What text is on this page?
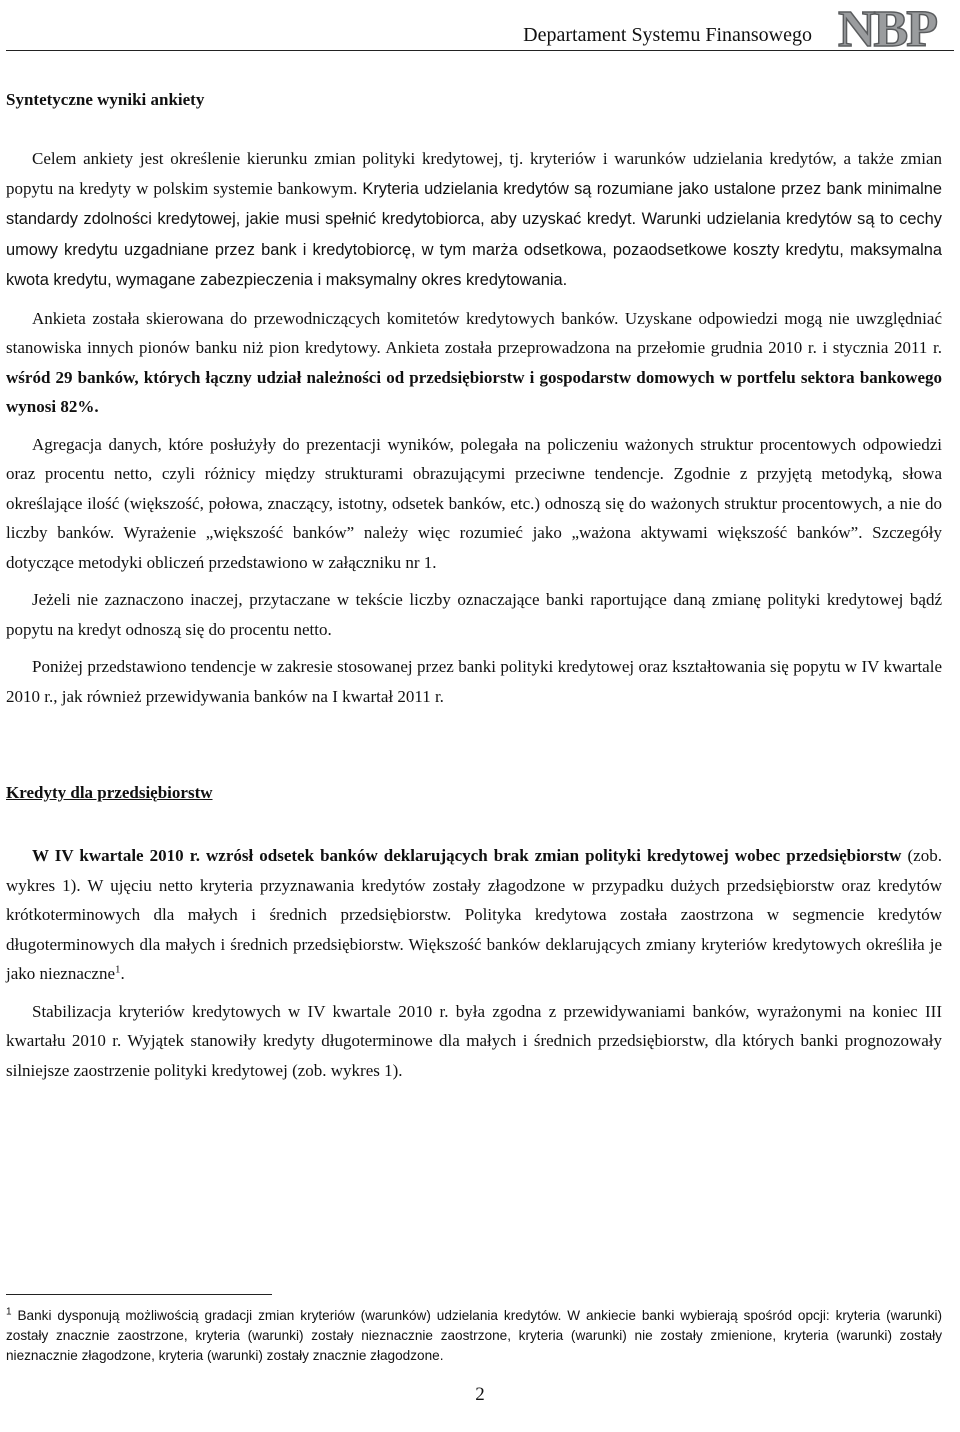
Departament Systemu Finansowego NBP
Syntetyczne wyniki ankiety

Celem ankiety jest określenie kierunku zmian polityki kredytowej, tj. kryteriów i warunków udzielania kredytów, a także zmian popytu na kredyty w polskim systemie bankowym. Kryteria udzielania kredytów są rozumiane jako ustalone przez bank minimalne standardy zdolności kredytowej, jakie musi spełnić kredytobiorca, aby uzyskać kredyt. Warunki udzielania kredytów są to cechy umowy kredytu uzgadniane przez bank i kredytobiorcę, w tym marża odsetkowa, pozaodsetkowe koszty kredytu, maksymalna kwota kredytu, wymagane zabezpieczenia i maksymalny okres kredytowania.

Ankieta została skierowana do przewodniczących komitetów kredytowych banków. Uzyskane odpowiedzi mogą nie uwzględniać stanowiska innych pionów banku niż pion kredytowy. Ankieta została przeprowadzona na przełomie grudnia 2010 r. i stycznia 2011 r. wśród 29 banków, których łączny udział należności od przedsiębiorstw i gospodarstw domowych w portfelu sektora bankowego wynosi 82%.

Agregacja danych, które posłużyły do prezentacji wyników, polegała na policzeniu ważonych struktur procentowych odpowiedzi oraz procentu netto, czyli różnicy między strukturami obrazującymi przeciwne tendencje. Zgodnie z przyjętą metodyką, słowa określające ilość (większość, połowa, znaczący, istotny, odsetek banków, etc.) odnoszą się do ważonych struktur procentowych, a nie do liczby banków. Wyrażenie „większość banków” należy więc rozumieć jako „ważona aktywami większość banków”. Szczegóły dotyczące metodyki obliczeń przedstawiono w załączniku nr 1.

Jeżeli nie zaznaczono inaczej, przytaczane w tekście liczby oznaczające banki raportujące daną zmianę polityki kredytowej bądź popytu na kredyt odnoszą się do procentu netto.

Poniżej przedstawiono tendencje w zakresie stosowanej przez banki polityki kredytowej oraz kształtowania się popytu w IV kwartale 2010 r., jak również przewidywania banków na I kwartał 2011 r.

Kredyty dla przedsiębiorstw

W IV kwartale 2010 r. wzrósł odsetek banków deklarujących brak zmian polityki kredytowej wobec przedsiębiorstw (zob. wykres 1). W ujęciu netto kryteria przyznawania kredytów zostały złagodzone w przypadku dużych przedsiębiorstw oraz kredytów krótkoterminowych dla małych i średnich przedsiębiorstw. Polityka kredytowa została zaostrzona w segmencie kredytów długoterminowych dla małych i średnich przedsiębiorstw. Większość banków deklarujących zmiany kryteriów kredytowych określiła je jako nieznaczne$^1$.

Stabilizacja kryteriów kredytowych w IV kwartale 2010 r. była zgodna z przewidywaniami banków, wyrażonymi na koniec III kwartału 2010 r. Wyjątek stanowiły kredyty długoterminowe dla małych i średnich przedsiębiorstw, dla których banki prognozowały silniejsze zaostrzenie polityki kredytowej (zob. wykres 1).

$^1$ Banki dysponują możliwością gradacji zmian kryteriów (warunków) udzielania kredytów. W ankiecie banki wybierają spośród opcji: kryteria (warunki) zostały znacznie zaostrzone, kryteria (warunki) zostały nieznacznie zaostrzone, kryteria (warunki) nie zostały zmienione, kryteria (warunki) zostały nieznacznie złagodzone, kryteria (warunki) zostały znacznie złagodzone.
2
